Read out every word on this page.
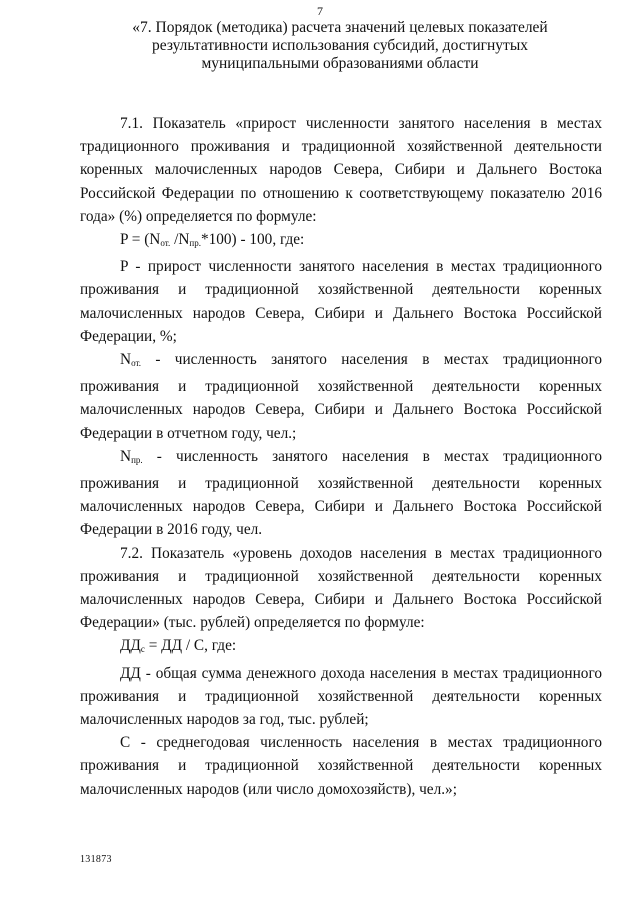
7
«7. Порядок (методика) расчета значений целевых показателей результативности использования субсидий, достигнутых муниципальными образованиями области

7.1. Показатель «прирост численности занятого населения в местах традиционного проживания и традиционной хозяйственной деятельности коренных малочисленных народов Севера, Сибири и Дальнего Востока Российской Федерации по отношению к соответствующему показателю 2016 года» (%) определяется по формуле:

$P = (N_{от.}$ $/N_{пр.}*100) - 100$, где:

P - прирост численности занятого населения в местах традиционного проживания и традиционной хозяйственной деятельности коренных малочисленных народов Севера, Сибири и Дальнего Востока Российской Федерации, %;

$N_{от.}$ - численность занятого населения в местах традиционного проживания и традиционной хозяйственной деятельности коренных малочисленных народов Севера, Сибири и Дальнего Востока Российской Федерации в отчетном году, чел.;

$N_{пр.}$ - численность занятого населения в местах традиционного проживания и традиционной хозяйственной деятельности коренных малочисленных народов Севера, Сибири и Дальнего Востока Российской Федерации в 2016 году, чел.

7.2. Показатель «уровень доходов населения в местах традиционного проживания и традиционной хозяйственной деятельности коренных малочисленных народов Севера, Сибири и Дальнего Востока Российской Федерации» (тыс. рублей) определяется по формуле:

$ДД_с$ = ДД / С, где:

ДД - общая сумма денежного дохода населения в местах традиционного проживания и традиционной хозяйственной деятельности коренных малочисленных народов за год, тыс. рублей;

С - среднегодовая численность населения в местах традиционного проживания и традиционной хозяйственной деятельности коренных малочисленных народов (или число домохозяйств), чел.»;

131873
